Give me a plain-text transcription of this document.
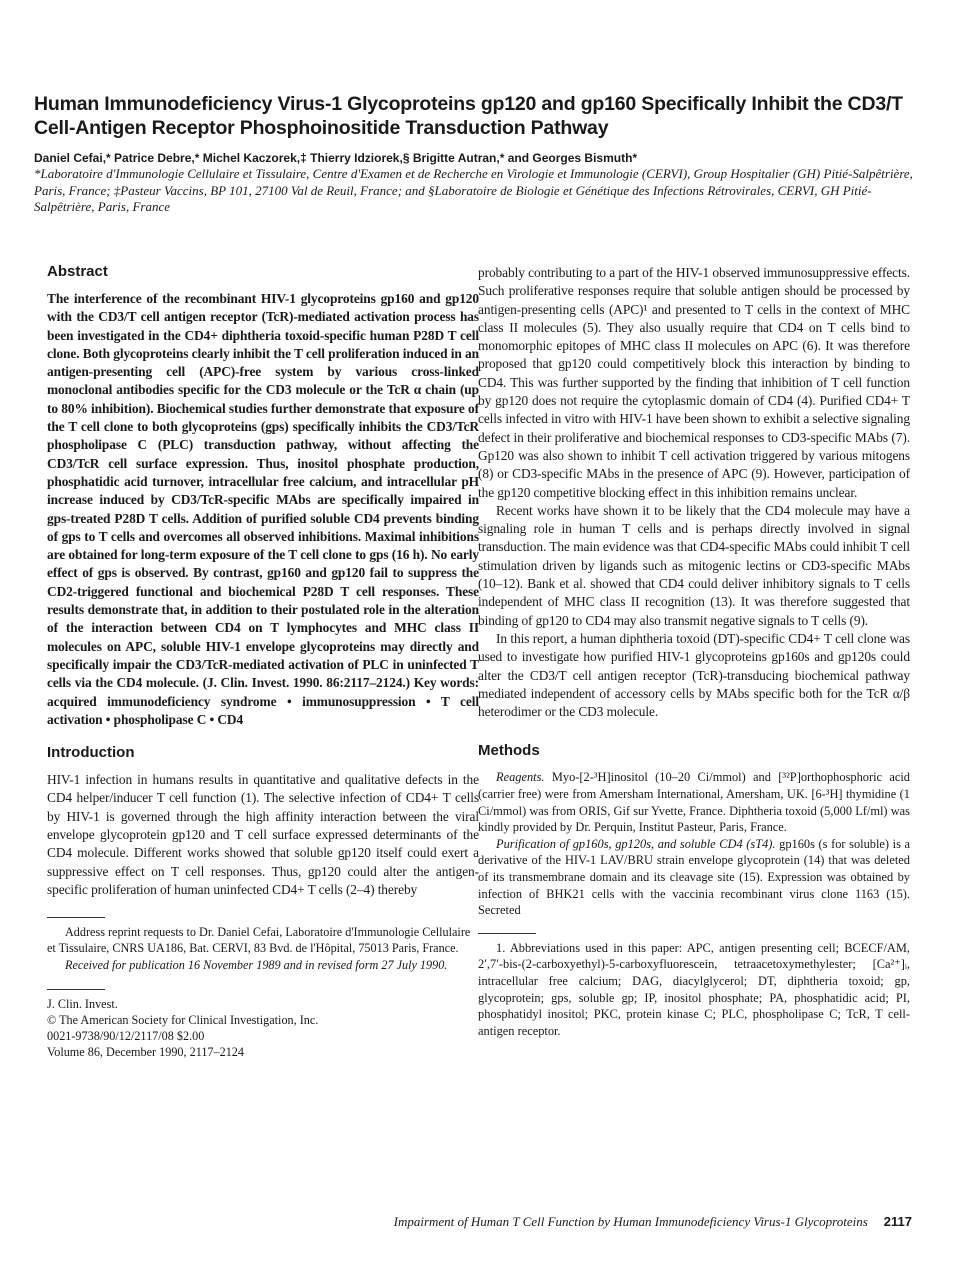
Human Immunodeficiency Virus-1 Glycoproteins gp120 and gp160 Specifically Inhibit the CD3/T Cell-Antigen Receptor Phosphoinositide Transduction Pathway

Daniel Cefai,* Patrice Debre,* Michel Kaczorek,‡ Thierry Idziorek,§ Brigitte Autran,* and Georges Bismuth*

*Laboratoire d'Immunologie Cellulaire et Tissulaire, Centre d'Examen et de Recherche en Virologie et Immunologie (CERVI), Group Hospitalier (GH) Pitié-Salpêtrière, Paris, France; ‡Pasteur Vaccins, BP 101, 27100 Val de Reuil, France; and §Laboratoire de Biologie et Génétique des Infections Rétrovirales, CERVI, GH Pitié-Salpêtrière, Paris, France

Abstract

The interference of the recombinant HIV-1 glycoproteins gp160 and gp120 with the CD3/T cell antigen receptor (TcR)-mediated activation process has been investigated in the CD4+ diphtheria toxoid-specific human P28D T cell clone. Both glycoproteins clearly inhibit the T cell proliferation induced in an antigen-presenting cell (APC)-free system by various cross-linked monoclonal antibodies specific for the CD3 molecule or the TcR α chain (up to 80% inhibition). Biochemical studies further demonstrate that exposure of the T cell clone to both glycoproteins (gps) specifically inhibits the CD3/TcR phospholipase C (PLC) transduction pathway, without affecting the CD3/TcR cell surface expression. Thus, inositol phosphate production, phosphatidic acid turnover, intracellular free calcium, and intracellular pH increase induced by CD3/TcR-specific MAbs are specifically impaired in gps-treated P28D T cells. Addition of purified soluble CD4 prevents binding of gps to T cells and overcomes all observed inhibitions. Maximal inhibitions are obtained for long-term exposure of the T cell clone to gps (16 h). No early effect of gps is observed. By contrast, gp160 and gp120 fail to suppress the CD2-triggered functional and biochemical P28D T cell responses. These results demonstrate that, in addition to their postulated role in the alteration of the interaction between CD4 on T lymphocytes and MHC class II molecules on APC, soluble HIV-1 envelope glycoproteins may directly and specifically impair the CD3/TcR-mediated activation of PLC in uninfected T cells via the CD4 molecule. (J. Clin. Invest. 1990. 86:2117–2124.) Key words: acquired immunodeficiency syndrome • immunosuppression • T cell activation • phospholipase C • CD4

Introduction

HIV-1 infection in humans results in quantitative and qualitative defects in the CD4 helper/inducer T cell function (1). The selective infection of CD4+ T cells by HIV-1 is governed through the high affinity interaction between the viral envelope glycoprotein gp120 and T cell surface expressed determinants of the CD4 molecule. Different works showed that soluble gp120 itself could exert a suppressive effect on T cell responses. Thus, gp120 could alter the antigen-specific proliferation of human uninfected CD4+ T cells (2–4) thereby

Address reprint requests to Dr. Daniel Cefai, Laboratoire d'Immunologie Cellulaire et Tissulaire, CNRS UA186, Bat. CERVI, 83 Bvd. de l'Hôpital, 75013 Paris, France.

Received for publication 16 November 1989 and in revised form 27 July 1990.

J. Clin. Invest.

© The American Society for Clinical Investigation, Inc.

0021-9738/90/12/2117/08 $2.00

Volume 86, December 1990, 2117–2124

probably contributing to a part of the HIV-1 observed immunosuppressive effects. Such proliferative responses require that soluble antigen should be processed by antigen-presenting cells (APC)¹ and presented to T cells in the context of MHC class II molecules (5). They also usually require that CD4 on T cells bind to monomorphic epitopes of MHC class II molecules on APC (6). It was therefore proposed that gp120 could competitively block this interaction by binding to CD4. This was further supported by the finding that inhibition of T cell function by gp120 does not require the cytoplasmic domain of CD4 (4). Purified CD4+ T cells infected in vitro with HIV-1 have been shown to exhibit a selective signaling defect in their proliferative and biochemical responses to CD3-specific MAbs (7). Gp120 was also shown to inhibit T cell activation triggered by various mitogens (8) or CD3-specific MAbs in the presence of APC (9). However, participation of the gp120 competitive blocking effect in this inhibition remains unclear.

Recent works have shown it to be likely that the CD4 molecule may have a signaling role in human T cells and is perhaps directly involved in signal transduction. The main evidence was that CD4-specific MAbs could inhibit T cell stimulation driven by ligands such as mitogenic lectins or CD3-specific MAbs (10–12). Bank et al. showed that CD4 could deliver inhibitory signals to T cells independent of MHC class II recognition (13). It was therefore suggested that binding of gp120 to CD4 may also transmit negative signals to T cells (9).

In this report, a human diphtheria toxoid (DT)-specific CD4+ T cell clone was used to investigate how purified HIV-1 glycoproteins gp160s and gp120s could alter the CD3/T cell antigen receptor (TcR)-transducing biochemical pathway mediated independent of accessory cells by MAbs specific both for the TcR α/β heterodimer or the CD3 molecule.

Methods

Reagents. Myo-[2-³H]inositol (10–20 Ci/mmol) and [³²P]orthophosphoric acid (carrier free) were from Amersham International, Amersham, UK. [6-³H] thymidine (1 Ci/mmol) was from ORIS, Gif sur Yvette, France. Diphtheria toxoid (5,000 Lf/ml) was kindly provided by Dr. Perquin, Institut Pasteur, Paris, France.

Purification of gp160s, gp120s, and soluble CD4 (sT4). gp160s (s for soluble) is a derivative of the HIV-1 LAV/BRU strain envelope glycoprotein (14) that was deleted of its transmembrane domain and its cleavage site (15). Expression was obtained by infection of BHK21 cells with the vaccinia recombinant virus clone 1163 (15). Secreted

1. Abbreviations used in this paper: APC, antigen presenting cell; BCECF/AM, 2′,7′-bis-(2-carboxyethyl)-5-carboxyfluorescein, tetraacetoxymethylester; [Ca²⁺]ᵢ, intracellular free calcium; DAG, diacylglycerol; DT, diphtheria toxoid; gp, glycoprotein; gps, soluble gp; IP, inositol phosphate; PA, phosphatidic acid; PI, phosphatidyl inositol; PKC, protein kinase C; PLC, phospholipase C; TcR, T cell-antigen receptor.

Impairment of Human T Cell Function by Human Immunodeficiency Virus-1 Glycoproteins 2117
